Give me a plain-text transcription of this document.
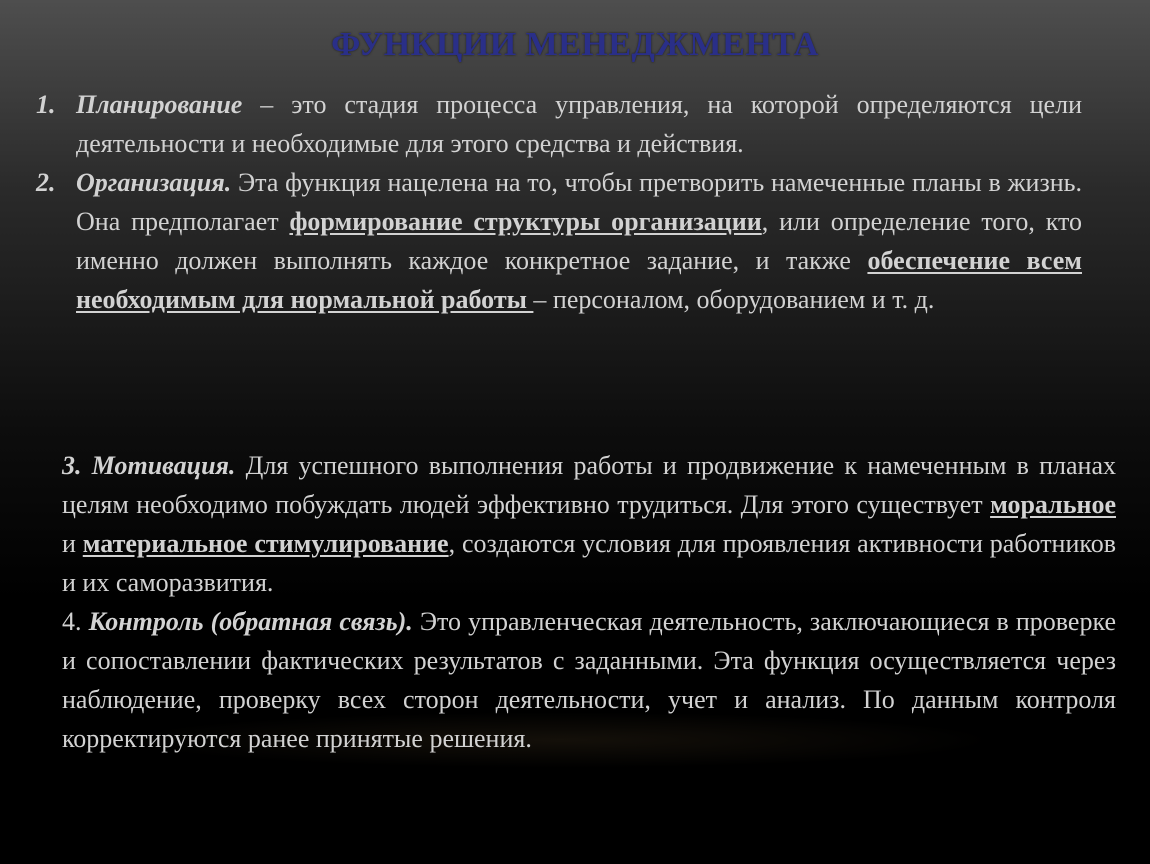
ФУНКЦИИ МЕНЕДЖМЕНТА
1. Планирование – это стадия процесса управления, на которой определяются цели деятельности и необходимые для этого средства и действия.
2. Организация. Эта функция нацелена на то, чтобы претворить намеченные планы в жизнь. Она предполагает формирование структуры организации, или определение того, кто именно должен выполнять каждое конкретное задание, и также обеспечение всем необходимым для нормальной работы – персоналом, оборудованием и т. д.
3. Мотивация. Для успешного выполнения работы и продвижение к намеченным в планах целям необходимо побуждать людей эффективно трудиться. Для этого существует моральное и материальное стимулирование, создаются условия для проявления активности работников и их саморазвития.
4. Контроль (обратная связь). Это управленческая деятельность, заключающиеся в проверке и сопоставлении фактических результатов с заданными. Эта функция осуществляется через наблюдение, проверку всех сторон деятельности, учет и анализ. По данным контроля корректируются ранее принятые решения.
